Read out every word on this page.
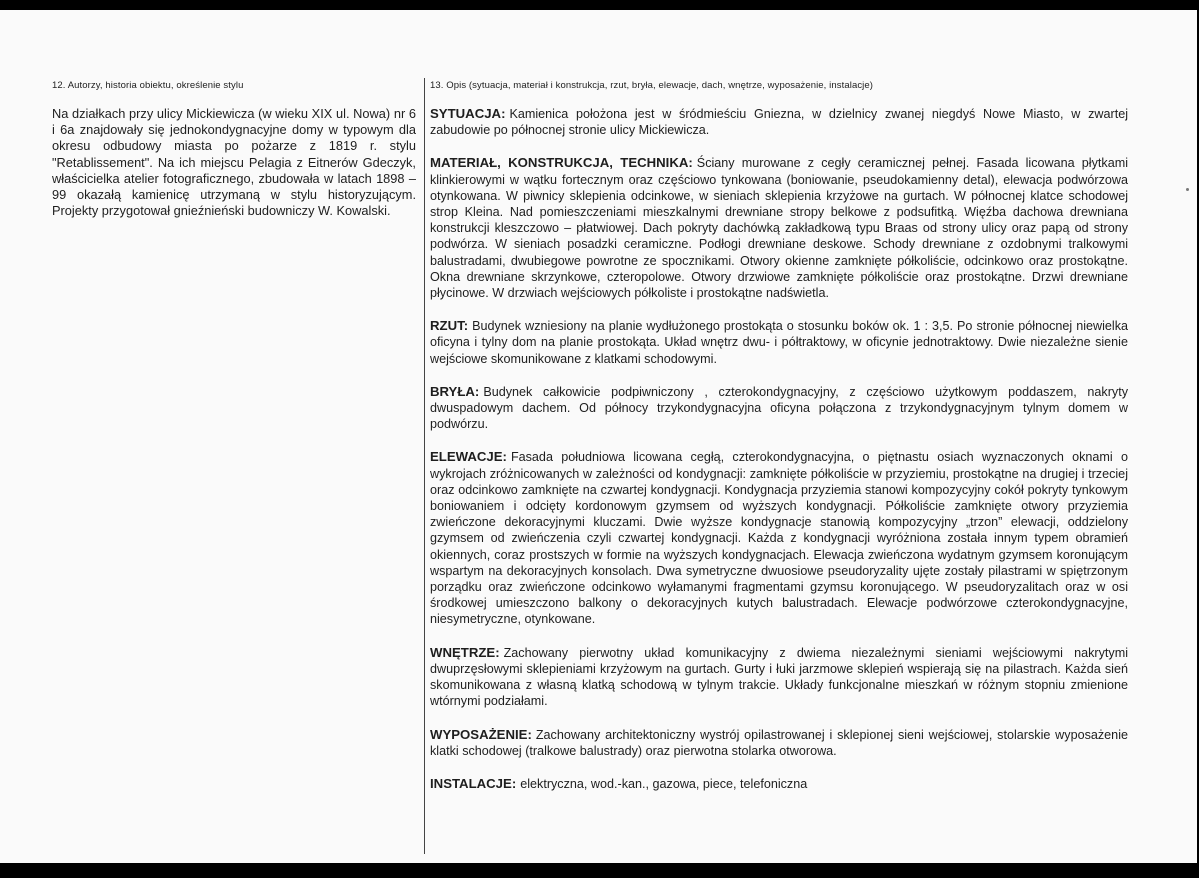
12. Autorzy, historia obiektu, określenie stylu

Na działkach przy ulicy Mickiewicza (w wieku XIX ul. Nowa) nr 6 i 6a znajdowały się jednokondygnacyjne domy w typowym dla okresu odbudowy miasta po pożarze z 1819 r. stylu "Retablissement". Na ich miejscu Pelagia z Eitnerów Gdeczyk, właścicielka atelier fotograficznego, zbudowała w latach 1898 – 99 okazałą kamienicę utrzymaną w stylu historyzującym. Projekty przygotował gnieźnieński budowniczy W. Kowalski.

13. Opis (sytuacja, materiał i konstrukcja, rzut, bryła, elewacje, dach, wnętrze, wyposażenie, instalacje)

SYTUACJA: Kamienica położona jest w śródmieściu Gniezna, w dzielnicy zwanej niegdyś Nowe Miasto, w zwartej zabudowie po północnej stronie ulicy Mickiewicza.

MATERIAŁ, KONSTRUKCJA, TECHNIKA: Ściany murowane z cegły ceramicznej pełnej. Fasada licowana płytkami klinkierowymi w wątku fortecznym oraz częściowo tynkowana (boniowanie, pseudokamienny detal), elewacja podwórzowa otynkowana. W piwnicy sklepienia odcinkowe, w sieniach sklepienia krzyżowe na gurtach. W północnej klatce schodowej strop Kleina. Nad pomieszczeniami mieszkalnymi drewniane stropy belkowe z podsufitką. Więźba dachowa drewniana konstrukcji kleszczowo – płatwiowej. Dach pokryty dachówką zakładkową typu Braas od strony ulicy oraz papą od strony podwórza. W sieniach posadzki ceramiczne. Podłogi drewniane deskowe. Schody drewniane z ozdobnymi tralkowymi balustradami, dwubiegowe powrotne ze spocznikami. Otwory okienne zamknięte półkoliście, odcinkowo oraz prostokątne. Okna drewniane skrzynkowe, czteropolowe. Otwory drzwiowe zamknięte półkoliście oraz prostokątne. Drzwi drewniane płycinowe. W drzwiach wejściowych półkoliste i prostokątne nadświetla.

RZUT: Budynek wzniesiony na planie wydłużonego prostokąta o stosunku boków ok. 1 : 3,5. Po stronie północnej niewielka oficyna i tylny dom na planie prostokąta. Układ wnętrz dwu- i półtraktowy, w oficynie jednotraktowy. Dwie niezależne sienie wejściowe skomunikowane z klatkami schodowymi.

BRYŁA: Budynek całkowicie podpiwniczony , czterokondygnacyjny, z częściowo użytkowym poddaszem, nakryty dwuspadowym dachem. Od północy trzykondygnacyjna oficyna połączona z trzykondygnacyjnym tylnym domem w podwórzu.

ELEWACJE: Fasada południowa licowana cegłą, czterokondygnacyjna, o piętnastu osiach wyznaczonych oknami o wykrojach zróżnicowanych w zależności od kondygnacji: zamknięte półkoliście w przyziemiu, prostokątne na drugiej i trzeciej oraz odcinkowo zamknięte na czwartej kondygnacji. Kondygnacja przyziemia stanowi kompozycyjny cokół pokryty tynkowym boniowaniem i odcięty kordonowym gzymsem od wyższych kondygnacji. Półkoliście zamknięte otwory przyziemia zwieńczone dekoracyjnymi kluczami. Dwie wyższe kondygnacje stanowią kompozycyjny „trzon” elewacji, oddzielony gzymsem od zwieńczenia czyli czwartej kondygnacji. Każda z kondygnacji wyróżniona została innym typem obramień okiennych, coraz prostszych w formie na wyższych kondygnacjach. Elewacja zwieńczona wydatnym gzymsem koronującym wspartym na dekoracyjnych konsolach. Dwa symetryczne dwuosiowe pseudoryzality ujęte zostały pilastrami w spiętrzonym porządku oraz zwieńczone odcinkowo wyłamanymi fragmentami gzymsu koronującego. W pseudoryzalitach oraz w osi środkowej umieszczono balkony o dekoracyjnych kutych balustradach. Elewacje podwórzowe czterokondygnacyjne, niesymetryczne, otynkowane.

WNĘTRZE: Zachowany pierwotny układ komunikacyjny z dwiema niezależnymi sieniami wejściowymi nakrytymi dwuprzęsłowymi sklepieniami krzyżowym na gurtach. Gurty i łuki jarzmowe sklepień wspierają się na pilastrach. Każda sień skomunikowana z własną klatką schodową w tylnym trakcie. Układy funkcjonalne mieszkań w różnym stopniu zmienione wtórnymi podziałami.

WYPOSAŻENIE: Zachowany architektoniczny wystrój opilastrowanej i sklepionej sieni wejściowej, stolarskie wyposażenie klatki schodowej (tralkowe balustrady) oraz pierwotna stolarka otworowa.

INSTALACJE: elektryczna, wod.-kan., gazowa, piece, telefoniczna
